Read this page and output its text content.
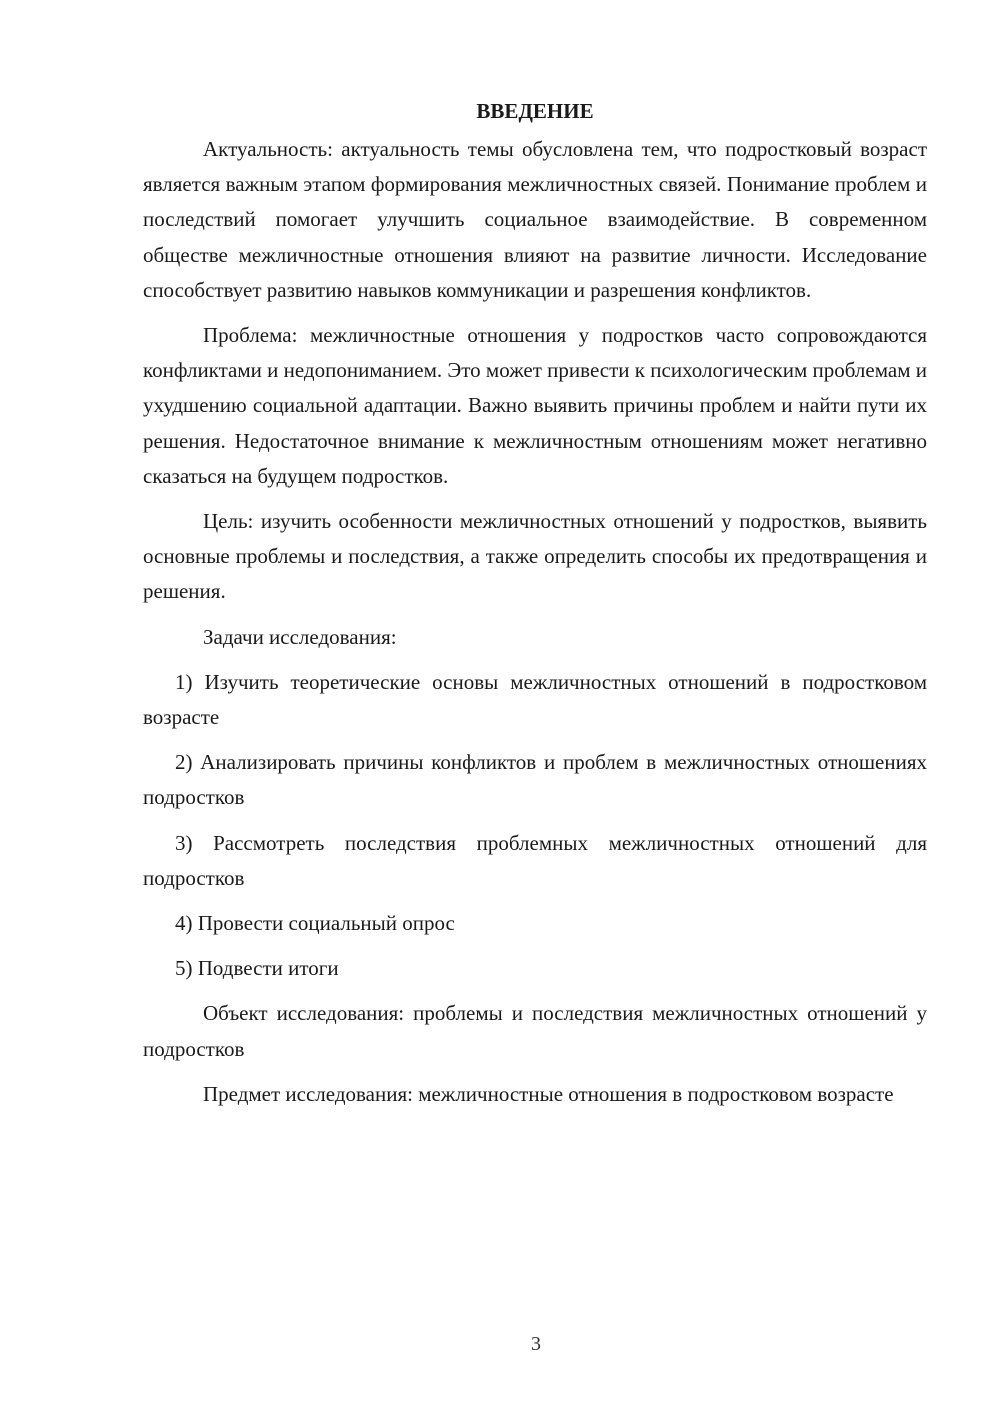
ВВЕДЕНИЕ

Актуальность: актуальность темы обусловлена тем, что подростковый возраст является важным этапом формирования межличностных связей. Понимание проблем и последствий помогает улучшить социальное взаимодействие. В современном обществе межличностные отношения влияют на развитие личности. Исследование способствует развитию навыков коммуникации и разрешения конфликтов.

Проблема: межличностные отношения у подростков часто сопровождаются конфликтами и недопониманием. Это может привести к психологическим проблемам и ухудшению социальной адаптации. Важно выявить причины проблем и найти пути их решения. Недостаточное внимание к межличностным отношениям может негативно сказаться на будущем подростков.

Цель: изучить особенности межличностных отношений у подростков, выявить основные проблемы и последствия, а также определить способы их предотвращения и решения.

Задачи исследования:

1) Изучить теоретические основы межличностных отношений в подростковом возрасте

2) Анализировать причины конфликтов и проблем в межличностных отношениях подростков

3) Рассмотреть последствия проблемных межличностных отношений для подростков

4) Провести социальный опрос

5) Подвести итоги

Объект исследования: проблемы и последствия межличностных отношений у подростков

Предмет исследования: межличностные отношения в подростковом возрасте

3
